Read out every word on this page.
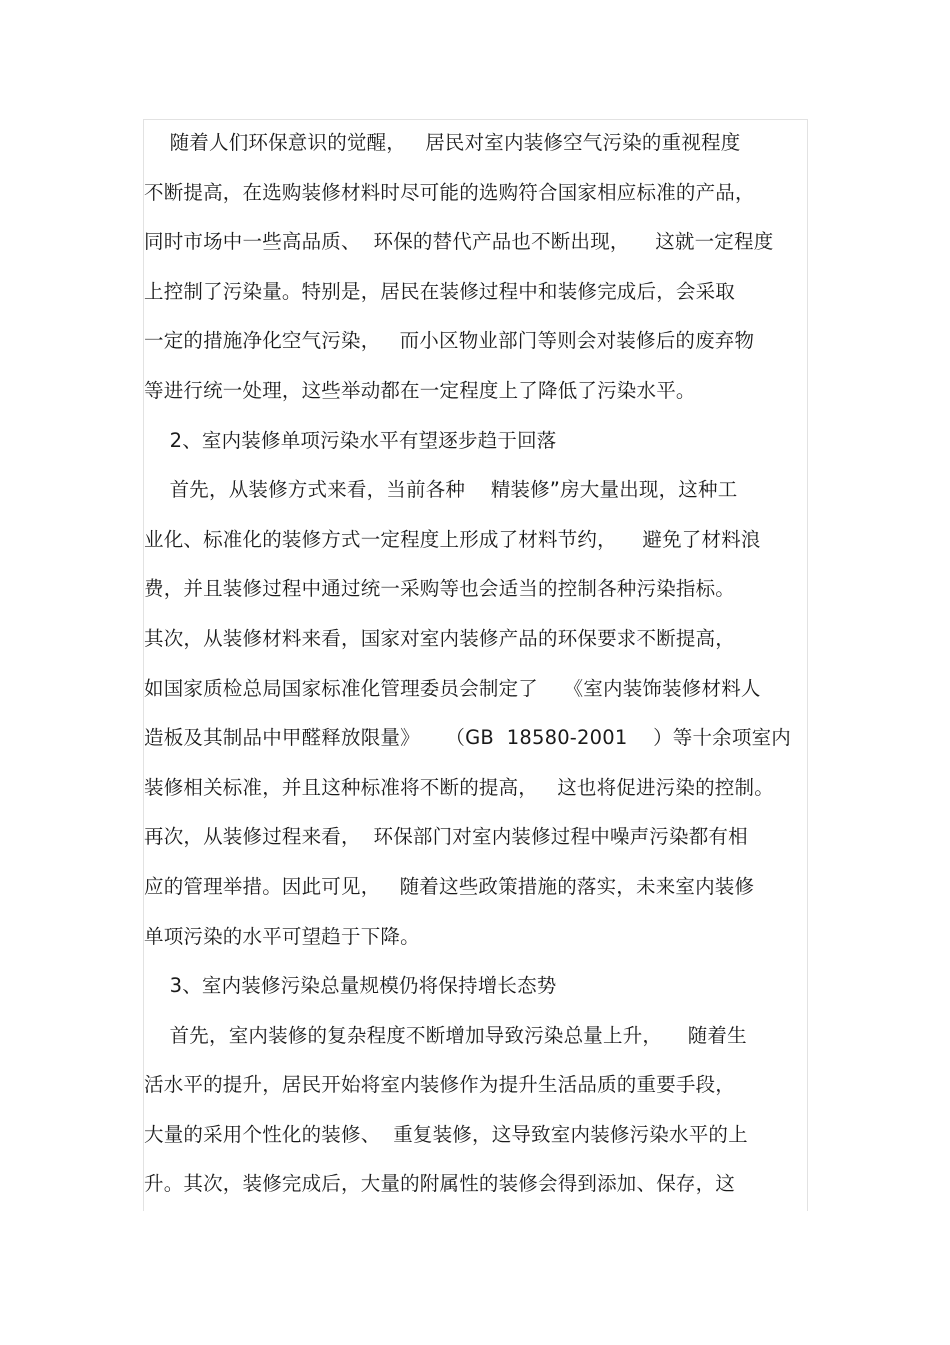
随着人们环保意识的觉醒，   居民对室内装修空气污染的重视程度
不断提高，在选购装修材料时尽可能的选购符合国家相应标准的产品，
同时市场中一些高品质、  环保的替代产品也不断出现，    这就一定程度
上控制了污染量。特别是，居民在装修过程中和装修完成后，会采取
一定的措施净化空气污染，   而小区物业部门等则会对装修后的废弃物
等进行统一处理，这些举动都在一定程度上了降低了污染水平。
2、室内装修单项污染水平有望逐步趋于回落
首先，从装修方式来看，当前各种    精装修”房大量出现，这种工
业化、标准化的装修方式一定程度上形成了材料节约，    避免了材料浪
费，并且装修过程中通过统一采购等也会适当的控制各种污染指标。
其次，从装修材料来看，国家对室内装修产品的环保要求不断提高，
如国家质检总局国家标准化管理委员会制定了    《室内装饰装修材料人
造板及其制品中甲醛释放限量》    （GB  18580-2001    ）等十余项室内
装修相关标准，并且这种标准将不断的提高，   这也将促进污染的控制。
再次，从装修过程来看，  环保部门对室内装修过程中噪声污染都有相
应的管理举措。因此可见，   随着这些政策措施的落实，未来室内装修
单项污染的水平可望趋于下降。
3、室内装修污染总量规模仍将保持增长态势
首先，室内装修的复杂程度不断增加导致污染总量上升，    随着生
活水平的提升，居民开始将室内装修作为提升生活品质的重要手段，
大量的采用个性化的装修、  重复装修，这导致室内装修污染水平的上
升。其次，装修完成后，大量的附属性的装修会得到添加、保存，这
